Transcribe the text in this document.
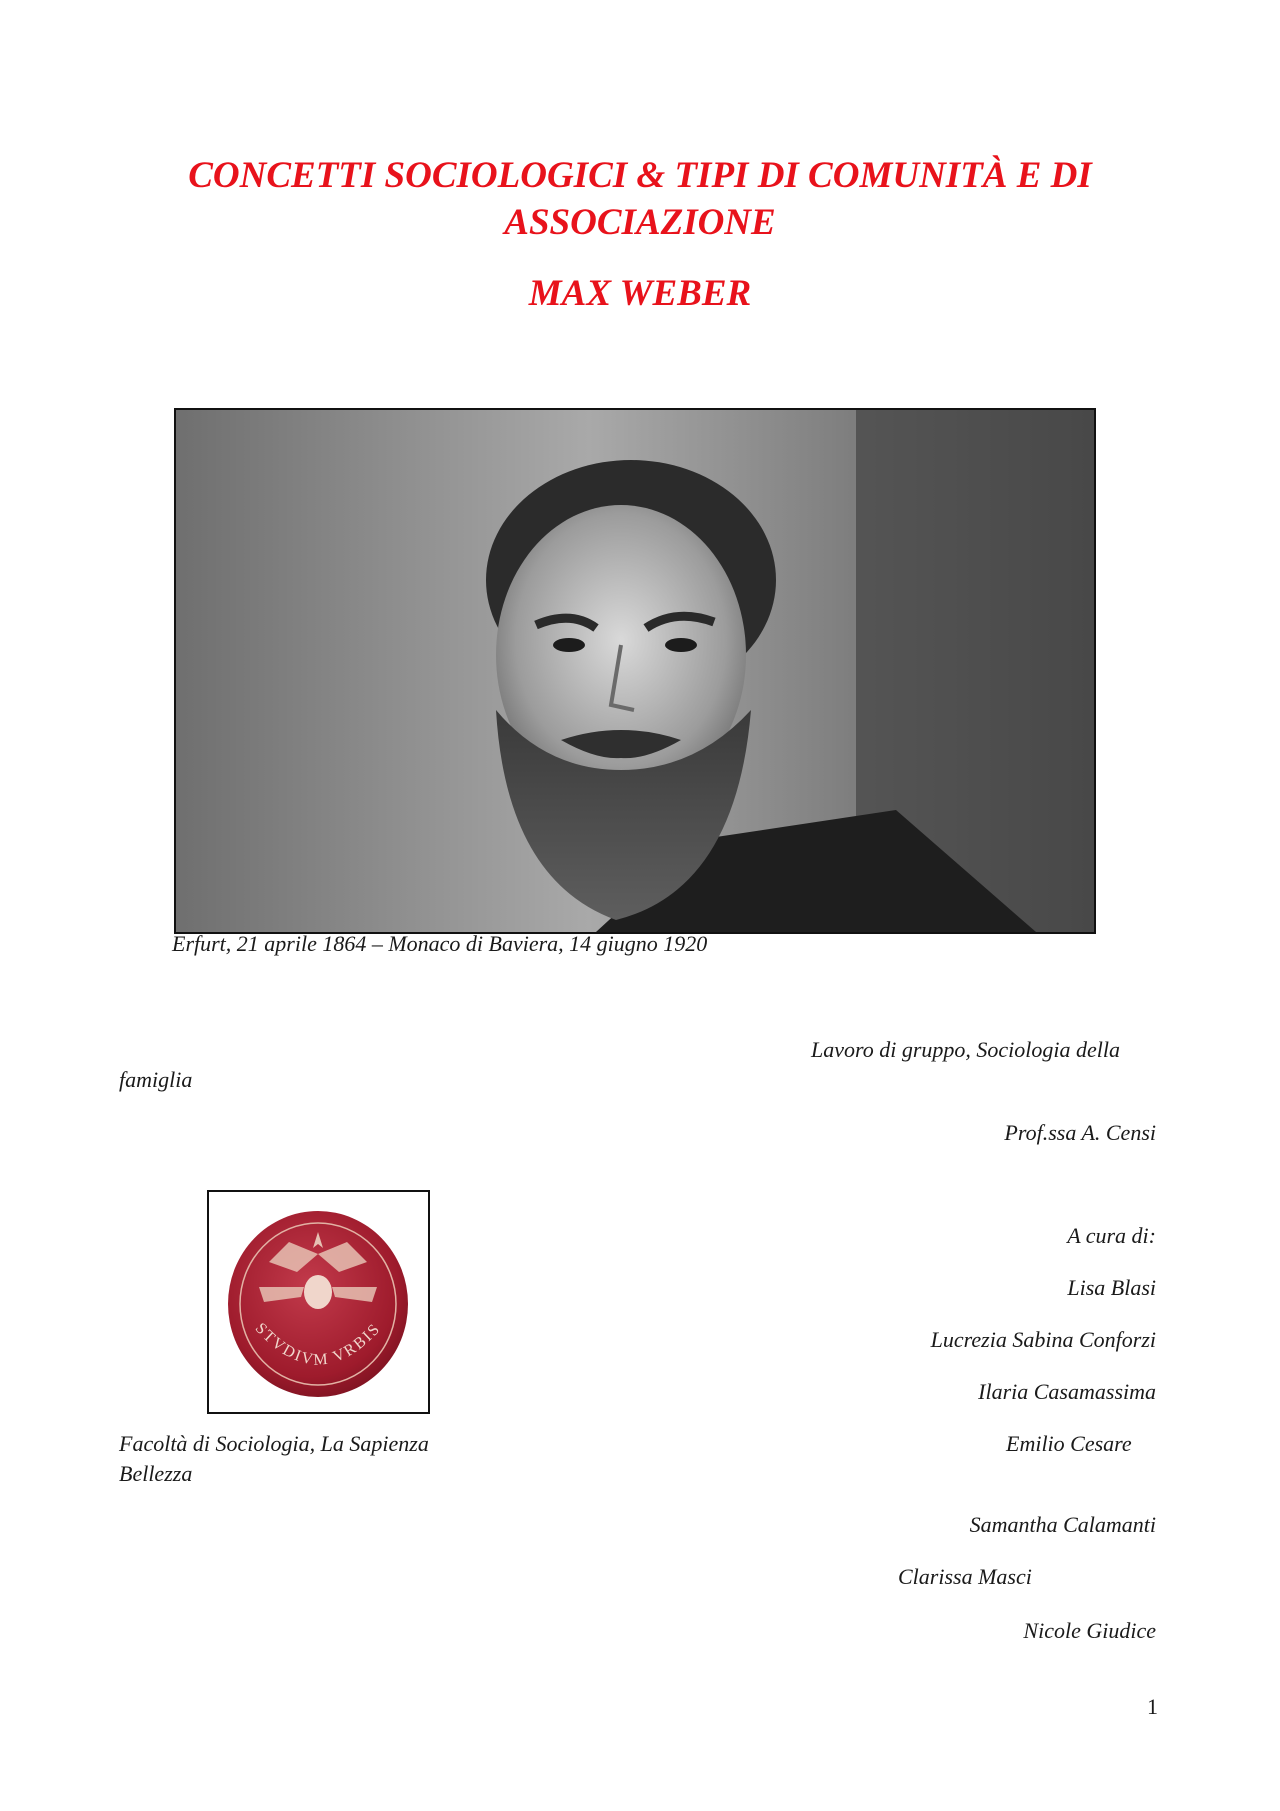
CONCETTI SOCIOLOGICI & TIPI DI COMUNITÀ E DI
ASSOCIAZIONE
MAX WEBER
Erfurt, 21 aprile 1864 – Monaco di Baviera, 14 giugno 1920
Lavoro di gruppo, Sociologia della
famiglia
Prof.ssa A. Censi
STVDIVM VRBIS
A cura di:
Lisa Blasi
Lucrezia Sabina Conforzi
Ilaria Casamassima
Emilio Cesare
Facoltà di Sociologia, La Sapienza
Bellezza
Samantha Calamanti
Clarissa Masci
Nicole Giudice
1
